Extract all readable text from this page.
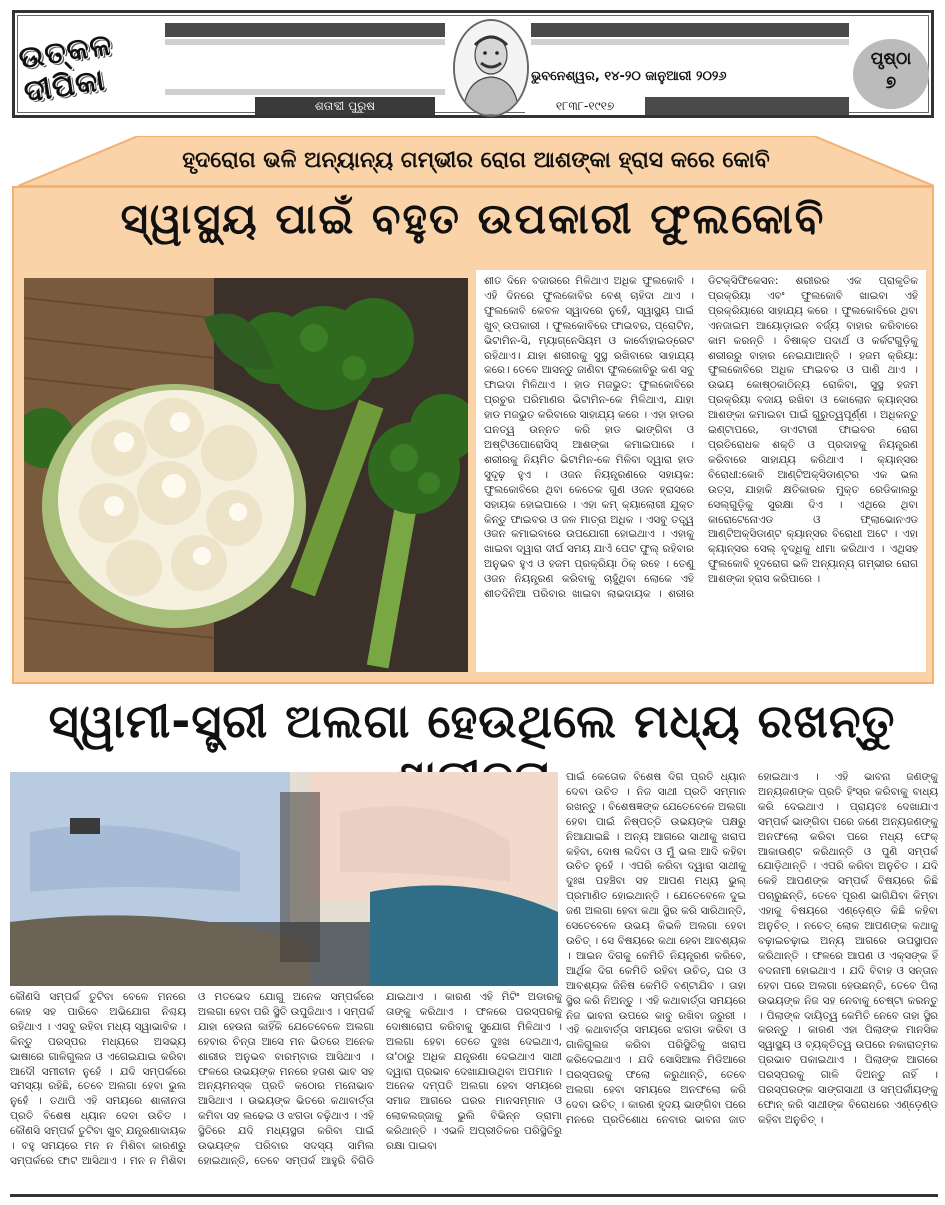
ଉତ୍କଳ ଦୀପିକା	ଶତାବ୍ଦୀ ପୁରୁଷ	୧୮୩୮-୧୯୧୭
ଭୁବନେଶ୍ୱର, ୧୪-୨୦ ଜାନୁଆରୀ ୨୦୨୬
ପୃଷ୍ଠା
୭
ହୃଦରୋଗ ଭଳି ଅନ୍ୟାନ୍ୟ ଗମ୍ଭୀର ରୋଗ ଆଶଙ୍କା ହ୍ରାସ କରେ କୋବି
ସ୍ୱାସ୍ଥ୍ୟ ପାଇଁ ବହୁତ ଉପକାରୀ ଫୁଲକୋବି
ଶୀତ ଦିନେ ବଜାରରେ ମିଳିଥାଏ ଅଧିକ ଫୁଲକୋବି । ଏହି ଦିନରେ ଫୁଲକୋବିର ବେଶ୍ ଚାହିଦା ଥାଏ । ଫୁଲକୋବି କେବଳ ସ୍ୱାଦରେ ନୁହେଁ, ସ୍ୱାସ୍ଥ୍ୟ ପାଇଁ ଖୁବ୍ ଉପକାରୀ । ଫୁଲକୋବିରେ ଫାଇବର, ପ୍ରୋଟିନ, ଭିଟାମିନ-ସି, ମ୍ୟାଗ୍ନେସିୟମ ଓ କାର୍ବୋହାଇଡ୍ରେଟ ରହିଥାଏ। ଯାହା ଶରୀରକୁ ସୁସ୍ଥ ରଖିବାରେ ସାହାଯ୍ୟ କରେ। ତେବେ ଆସନ୍ତୁ ଜାଣିବା ଫୁଲକୋବିରୁ କଣ ସବୁ ଫାଇଦା ମିଳିଥାଏ । ହାଡ ମଜଭୁତ: ଫୁଲକୋବିରେ ପ୍ରଚୁର ପରିମାଣର ଭିଟାମିନ-କେ ମିଳିଥାଏ, ଯାହା ହାଡ ମଜଭୁତ କରିବାରେ ସାହାଯ୍ୟ କରେ । ଏହା ହାଡର ଘନତ୍ୱ ଉନ୍ନତ କରି ହାଡ ଭାଙ୍ଗିବା ଓ ଅଷ୍ଟିଓପୋରୋସିସ୍ ଆଶଙ୍କା କମାଇପାରେ । ଶରୀରକୁ ନିୟମିତ ଭିଟାମିନ-କେ ମିଳିବା ଦ୍ୱାରା ହାଡ ସୁଦୃଢ଼ ହୁଏ । ଓଜନ ନିୟନ୍ତ୍ରଣରେ ସହାୟକ: ଫୁଲକୋବିରେ ଥିବା କେତେକ ଗୁଣ ଓଜନ ହ୍ରାସରେ ସହାୟକ ହୋଇପାରେ । ଏହା କମ୍ କ୍ୟାଲୋରୀ ଯୁକ୍ତ କିନ୍ତୁ ଫାଇବର ଓ ଜଳ ମାତ୍ରା ଅଧିକ । ଏସବୁ ତତ୍ତ୍ୱ ଓଜନ କମାଇବାରେ ଉପଯୋଗୀ ହୋଇଥାଏ । ଏହାକୁ ଖାଇବା ଦ୍ୱାରା ଦୀର୍ଘ ସମୟ ଯାଏଁ ପେଟ ଫୁଲ୍ ରହିବାର ଅନୁଭବ ହୁଏ ଓ ହଜମ ପ୍ରକ୍ରିୟା ଠିକ୍ ରହେ । ତେଣୁ ଓଜନ ନିୟନ୍ତ୍ରଣ କରିବାକୁ ଚାହୁଁଥିବା ଲୋକେ ଏହି ଶୀତଦିନିଆ ପରିବାର ଖାଇବା ଲାଭଦାୟକ । ଶରୀର ଡିଟକ୍ସିଫିକେସନ: ଶରୀରର ଏକ ପ୍ରାକୃତିକ ପ୍ରକ୍ରିୟା ଏବଂ ଫୁଲକୋବି ଖାଇବା ଏହି ପ୍ରକ୍ରିୟାରେ ସାହାଯ୍ୟ କରେ । ଫୁଲକୋବିରେ ଥିବା ଏନଜାଇମ ଆୟୋଡ଼ାଇନ ବର୍ଜ୍ୟ ବାହାର କରିବାରେ କାମ କରନ୍ତି । ବିଷାକ୍ତ ପଦାର୍ଥ ଓ କର୍କଟଗୁଡ଼ିକୁ ଶରୀରରୁ ବାହାର ନେଇଯାଆନ୍ତି । ହଜମ କ୍ରିୟା: ଫୁଲକୋବିରେ ଅଧିକ ଫାଇବର ଓ ପାଣି ଥାଏ । ଉଭୟ କୋଷ୍ଠକାଠିନ୍ୟ ରୋକିବା, ସୁସ୍ଥ ହଜମ ପ୍ରକ୍ରିୟା ବଜାୟ ରଖିବା ଓ କୋଲୋନ କ୍ୟାନ୍ସର ଆଶଙ୍କା କମାଇବା ପାଇଁ ଗୁରୁତ୍ୱପୂର୍ଣ୍ଣ । ଅଧିକନ୍ତୁ ଇଣ୍ଟାପରେ, ଡାଏଟାରୀ ଫାଇବର ରୋଗ ପ୍ରତିରୋଧକ ଶକ୍ତି ଓ ପ୍ରଦାହକୁ ନିୟନ୍ତ୍ରଣ କରିବାରେ ସାହାଯ୍ୟ କରିଥାଏ । କ୍ୟାନ୍ସର ବିରୋଧୀ:କୋବି ଆଣ୍ଟିଅକ୍ସିଡାଣ୍ଟର ଏକ ଭଲ ଉତ୍ସ, ଯାହାକି କ୍ଷତିକାରକ ମୁକ୍ତ ରେଡିକାଲରୁ ସେଲ୍‌ଗୁଡ଼ିକୁ ସୁରକ୍ଷା ଦିଏ । ଏଥିରେ ଥିବା କାରୋଟେନୋଏଡ ଓ ଫ୍ଲାଭୋନଏଡ ଆଣ୍ଟିଅକ୍ସିଡାଣ୍ଟ କ୍ୟାନ୍ସର ବିରୋଧୀ ଅଟେ । ଏହା କ୍ୟାନ୍ସର ସେଲ୍ ବୃଦ୍ଧିକୁ ଧୀମା କରିଥାଏ । ଏଥିସହ ଫୁଲକୋବି ହୃଦରୋଗ ଭଳି ଅନ୍ୟାନ୍ୟ ଗମ୍ଭୀର ରୋଗ ଆଶଙ୍କା ହ୍ରାସ କରିପାରେ ।
ସ୍ୱାମୀ-ସ୍ତ୍ରୀ ଅଲଗା ହେଉଥିଲେ ମଧ୍ୟ ରଖନ୍ତୁ
ପାଇଁ କେତୋକ ବିଶେଷ ଦିଗ ପ୍ରତି ଧ୍ୟାନ ଦେବା ଉଚିତ । ନିଜ ସାଥୀ ପ୍ରତି ସମ୍ମାନ ରଖନ୍ତୁ । ବିଶେଷଜ୍ଞଙ୍କ ଯେତେବେଳେ ଅଲଗା ହେବା ପାଇଁ ନିଷ୍ପତ୍ତି ଉଭୟଙ୍କ ପକ୍ଷରୁ ନିଆଯାଇଛି । ଅନ୍ୟ ଆଗରେ ସାଥୀକୁ ଖରାପ କହିବା, ଦୋଷ ଲଦିବା ଓ ମୁଁ ଭଲ ଆଦି କହିବା ଉଚିତ ନୁହେଁ । ଏପରି କରିବା ଦ୍ୱାରା ସାଥୀକୁ ଦୁଃଖ ପହଞ୍ଚିବା ସହ ଆପଣ ମଧ୍ୟ ଭୁଲ୍ ପ୍ରମାଣିତ ହୋଇଥାନ୍ତି । ଯେତେବେଳେ ଦୁଇ ଜଣ ଅଲଗା ହେବା କଥା ସ୍ଥିର କରି ସାରିଥାନ୍ତି, ସେତେବେଳେ ଉଭୟ କିଭଳି ଅଲଗା ହେବା ଉଚିତ୍ । ସେ ବିଷୟରେ କଥା ହେବା ଆବଶ୍ୟକ । ଆଇନ ଦିଗକୁ କେମିତି ନିୟନ୍ତ୍ରଣ କରିବେ, ଆର୍ଥିକ ଦିଗ କେମିତି ରହିବା ଉଚିତ୍, ଘର ଓ ଆବଶ୍ୟକ ଜିନିଷ କେମିତି ବଣ୍ଟାଯିବ । ତାହା ସ୍ଥିର କରି ନିଅନ୍ତୁ । ଏହି କଥାବାର୍ତ୍ତା ସମୟରେ ନିଜ ଭାବନା ଉପରେ କାବୁ ରଖିବା ଜରୁରୀ । ଏହି କଥାବାର୍ତ୍ତା ସମୟରେ ଝଗଡା କରିବା ଓ ଗାଳିଗୁଲଜ କରିବା ପରିସ୍ଥିତିକୁ ଖରାପ କରିଦେଇଥାଏ । ଯଦି ସୋସିଆଲ ମିଡିଆରେ ପରସ୍ପରକୁ ଫଲୋ କରୁଥାନ୍ତି, ତେବେ ଅଲଗା ହେବା ସମୟରେ ଅନଫଲୋ କରି ଦେବା ଉଚିତ୍ । କାରଣ ହୃଦୟ ଭାଙ୍ଗିବା ପରେ ମନରେ ପ୍ରତିଶୋଧ ନେବାର ଭାବନା ଜାତ ହୋଇଥାଏ । ଏହି ଭାବନା ଜଣଙ୍କୁ ଅନ୍ୟଜଣଙ୍କ ପ୍ରତି ହିଂସ୍ର କରିବାକୁ ବାଧ୍ୟ କରି ଦେଇଥାଏ । ପ୍ରାୟତଃ ଦେଖାଯାଏ ସମ୍ପର୍କ ଭାଙ୍ଗିବା ପରେ ଜଣେ ଅନ୍ୟଜଣଙ୍କୁ ଅନଫଲୋ କରିବା ପରେ ମଧ୍ୟ ଫେକ୍ ଆକାଉଣ୍ଟ କରିଥାନ୍ତି ଓ ପୁଣି ସମ୍ପର୍କ ଯୋଡ଼ିଥାନ୍ତି । ଏପରି କରିବା ଅନୁଚିତ । ଯଦି କେହି ଆପଣଙ୍କ ସମ୍ପର୍କ ବିଷୟରେ କିଛି ପଚାରୁଛନ୍ତି, ତେବେ ପୂରଣ ଭାଗିଯିବା କିମ୍ବା ଏହାକୁ ବିଷୟରେ ଏଣ୍ଡ଼େଣ୍ଡ କିଛି କହିବା ଅନୁଚିତ୍ । ନଚେତ୍ ଲୋକ ଆପଣଙ୍କ କଥାକୁ ବଢ଼ାଇଚଢ଼ାଇ ଅନ୍ୟ ଆଗରେ ଉପସ୍ଥାପନ କରିଥାନ୍ତି । ଫଳରେ ଆପଣ ଓ ଏକ୍ସଙ୍କ ହିଁ ବଦନାମୀ ହୋଇଥାଏ । ଯଦି ବିବାହ ଓ ସନ୍ତାନ ହେବା ପରେ ଅଲଗା ହେଉଛନ୍ତି, ତେବେ ପିଲା ଉଭୟଙ୍କ ନିଜ ସହ ନେବାକୁ ଚେଷ୍ଟା କରନ୍ତୁ । ପିଲାଙ୍କ ଦାୟିତ୍ୱ କେମିତି ନେବେ ତାହା ସ୍ଥିର କରନ୍ତୁ । କାରଣ ଏହା ପିଲାଙ୍କ ମାନସିକ ସ୍ୱାସ୍ଥ୍ୟ ଓ ବ୍ୟକ୍ତିତ୍ୱ ଉପରେ ନକାରାତ୍ମକ ପ୍ରଭାବ ପକାଇଥାଏ । ପିଲାଙ୍କ ଆଗରେ ପରସ୍ପରକୁ ଗାଳି ଦିଅନ୍ତୁ ନାହିଁ । ପରସ୍ପରଙ୍କ ସାଙ୍ଗସାଥୀ ଓ ସମ୍ପର୍କୀୟଙ୍କୁ ଫୋନ୍ କରି ସାଥୀଙ୍କ ବିରୋଧରେ ଏଣ୍ଡ଼େଣ୍ଡ କହିବା ଅନୁଚିତ୍ ।
କୌଣସି ସମ୍ପର୍କ ତୁଟିବା ବେଳେ ମନରେ କୋହ ସହ ପାରିବେ ଅଭିଯୋଗ ନିଶ୍ଚୟ ରହିଥାଏ । ଏସବୁ ରହିବା ମଧ୍ୟ ସ୍ୱାଭାବିକ । କିନ୍ତୁ ପରସ୍ପର ମଧ୍ୟରେ ଅସଭ୍ୟ ଭାଷାରେ ଗାଳିଗୁଲଜ ଓ ଏଗେଇଯାଇ କରିବା ଆଦୌ ସମୀଚୀନ ନୁହେଁ । ଯଦି ସମ୍ପର୍କରେ ସମସ୍ୟା ରହିଛି, ତେବେ ଅଲଗା ହେବା ଭୁଲ ନୁହେଁ । ତଥାପି ଏହି ସମୟରେ ଶାଳୀନତା ପ୍ରତି ବିଶେଷ ଧ୍ୟାନ ଦେବା ଉଚିତ । କୌଣସି ସମ୍ପର୍କ ତୁଟିବା ଖୁବ୍ ଯନ୍ତ୍ରଣାଦାୟକ । ବହୁ ସମୟରେ ମନ ନ ମିଶିବା କାରଣରୁ ସମ୍ପର୍କରେ ଫାଟ ଆସିଥାଏ । ମନ ନ ମିଶିବା ଓ ମତଭେଦ ଯୋଗୁ ଅନେକ ସମ୍ପର୍କରେ ଅଲଗା ହେବା ପରି ସ୍ଥିତି ଉପୁଜିଥାଏ । ସମ୍ପର୍କ ଯାହା ହେଉନା କାହିଁକି ଯେତେବେଳେ ଅଲଗା ହେବାର ଚିନ୍ତା ଆସେ ମନ ଭିତରେ ଅନେକ ଶାରୀର ଅନୁଭବ ବାରମ୍ବାର ଆସିଥାଏ । ଫଳରେ ଉଭୟଙ୍କ ମନରେ ହତାଶ ଭାବ ସହ ଅନ୍ୟମନସ୍କ ପ୍ରତି କଠୋର ମନୋଭାବ ଆସିଥାଏ । ଉଭୟଙ୍କ ଭିତରେ କଥାବାର୍ତ୍ତା କମିବା ସହ ଲଢେଇ ଓ ଝଗଡା ବଢ଼ିଥାଏ । ଏହି ସ୍ଥିତିରେ ଯଦି ମଧ୍ୟସ୍ଥତା କରିବା ପାଇଁ ଉଭୟଙ୍କ ପରିବାର ସଦସ୍ୟ ସାମିଲ ହୋଇଥାନ୍ତି, ତେବେ ସମ୍ପର୍କ ଆହୁରି ବିଗିଡି ଯାଇଥାଏ । କାରଣ ଏହି ମିଟିଂ ଅଡାରକୁ ତାଙ୍କୁ କରିଥାଏ । ଫଳରେ ପରସ୍ପରକୁ ଦୋଷାରୋପ କରିବାକୁ ସୁଯୋଗ ମିଳିଥାଏ । ଅଲଗା ହେବା ତେତେ ଦୁଃଖ ଦେଇଥାଏ, ତା'ଠାରୁ ଅଧିକ ଯନ୍ତ୍ରଣା ଦେଇଥାଏ ସାଥୀ ଦ୍ୱାରା ପ୍ରଭାବ ଦେଖାଯାଉଥିବା ଅପମାନ । ଅନେକ ଦମ୍ପତି ଅଲଗା ହେବା ସମୟରେ ସମାଜ ଆଗରେ ଘରର ମାନସମ୍ମାନ ଓ ଲୋକଲଜ୍ଜାକୁ ଭୁଲି ବିଭିନ୍ନ ଡ୍ରାମା କରିଥାନ୍ତି । ଏଭଳି ଅପ୍ରୀତିକର ପରିସ୍ଥିତିରୁ ରକ୍ଷା ପାଇବା
